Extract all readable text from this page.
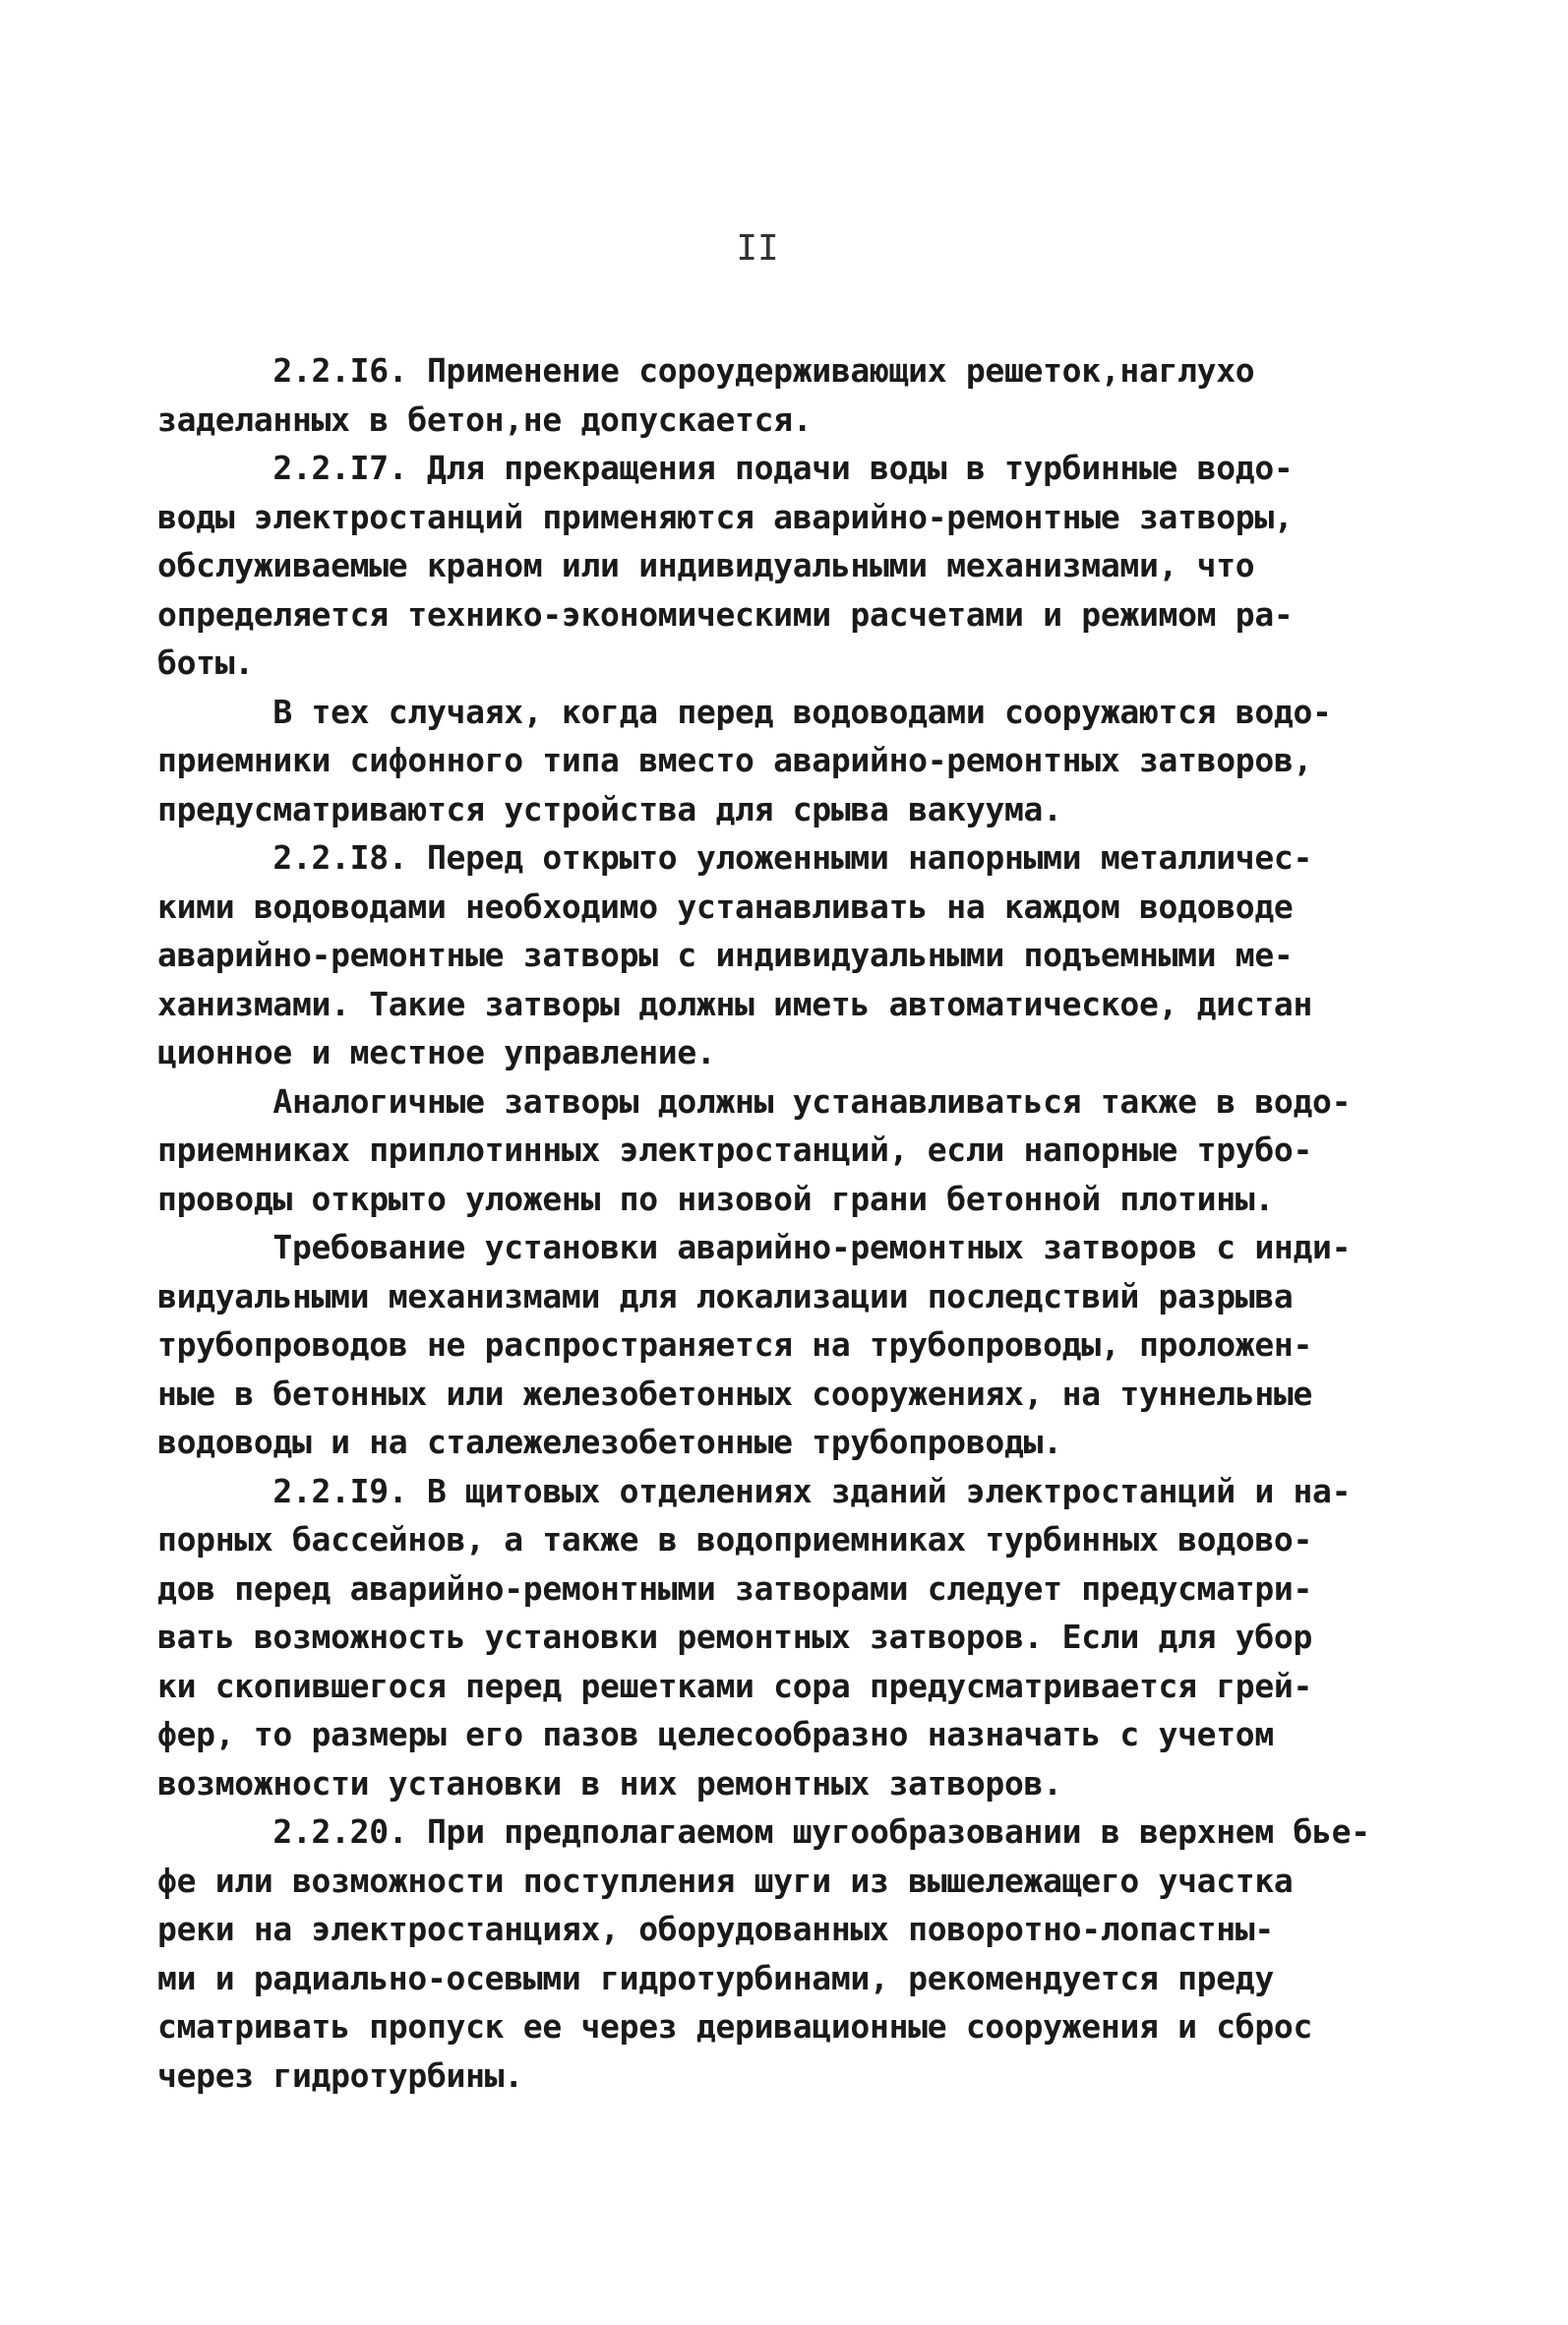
II
2.2.I6. Применение сороудерживающих решеток,наглухо
заделанных в бетон,не допускается.
2.2.I7. Для прекращения подачи воды в турбинные водо-
воды электростанций применяются аварийно-ремонтные затворы,
обслуживаемые краном или индивидуальными механизмами, что
определяется технико-экономическими расчетами и режимом ра-
боты.
В тех случаях, когда перед водоводами сооружаются водо-
приемники сифонного типа вместо аварийно-ремонтных затворов,
предусматриваются устройства для срыва вакуума.
2.2.I8. Перед открыто уложенными напорными металличес-
кими водоводами необходимо устанавливать на каждом водоводе
аварийно-ремонтные затворы с индивидуальными подъемными ме-
ханизмами. Такие затворы должны иметь автоматическое, дистан
ционное и местное управление.
Аналогичные затворы должны устанавливаться также в водо-
приемниках приплотинных электростанций, если напорные трубо-
проводы открыто уложены по низовой грани бетонной плотины.
Требование установки аварийно-ремонтных затворов с инди-
видуальными механизмами для локализации последствий разрыва
трубопроводов не распространяется на трубопроводы, проложен-
ные в бетонных или железобетонных сооружениях, на туннельные
водоводы и на сталежелезобетонные трубопроводы.
2.2.I9. В щитовых отделениях зданий электростанций и на-
порных бассейнов, а также в водоприемниках турбинных водово-
дов перед аварийно-ремонтными затворами следует предусматри-
вать возможность установки ремонтных затворов. Если для убор
ки скопившегося перед решетками сора предусматривается грей-
фер, то размеры его пазов целесообразно назначать с учетом
возможности установки в них ремонтных затворов.
2.2.20. При предполагаемом шугообразовании в верхнем бье-
фе или возможности поступления шуги из вышележащего участка
реки на электростанциях, оборудованных поворотно-лопастны-
ми и радиально-осевыми гидротурбинами, рекомендуется преду
сматривать пропуск ее через деривационные сооружения и сброс
через гидротурбины.
